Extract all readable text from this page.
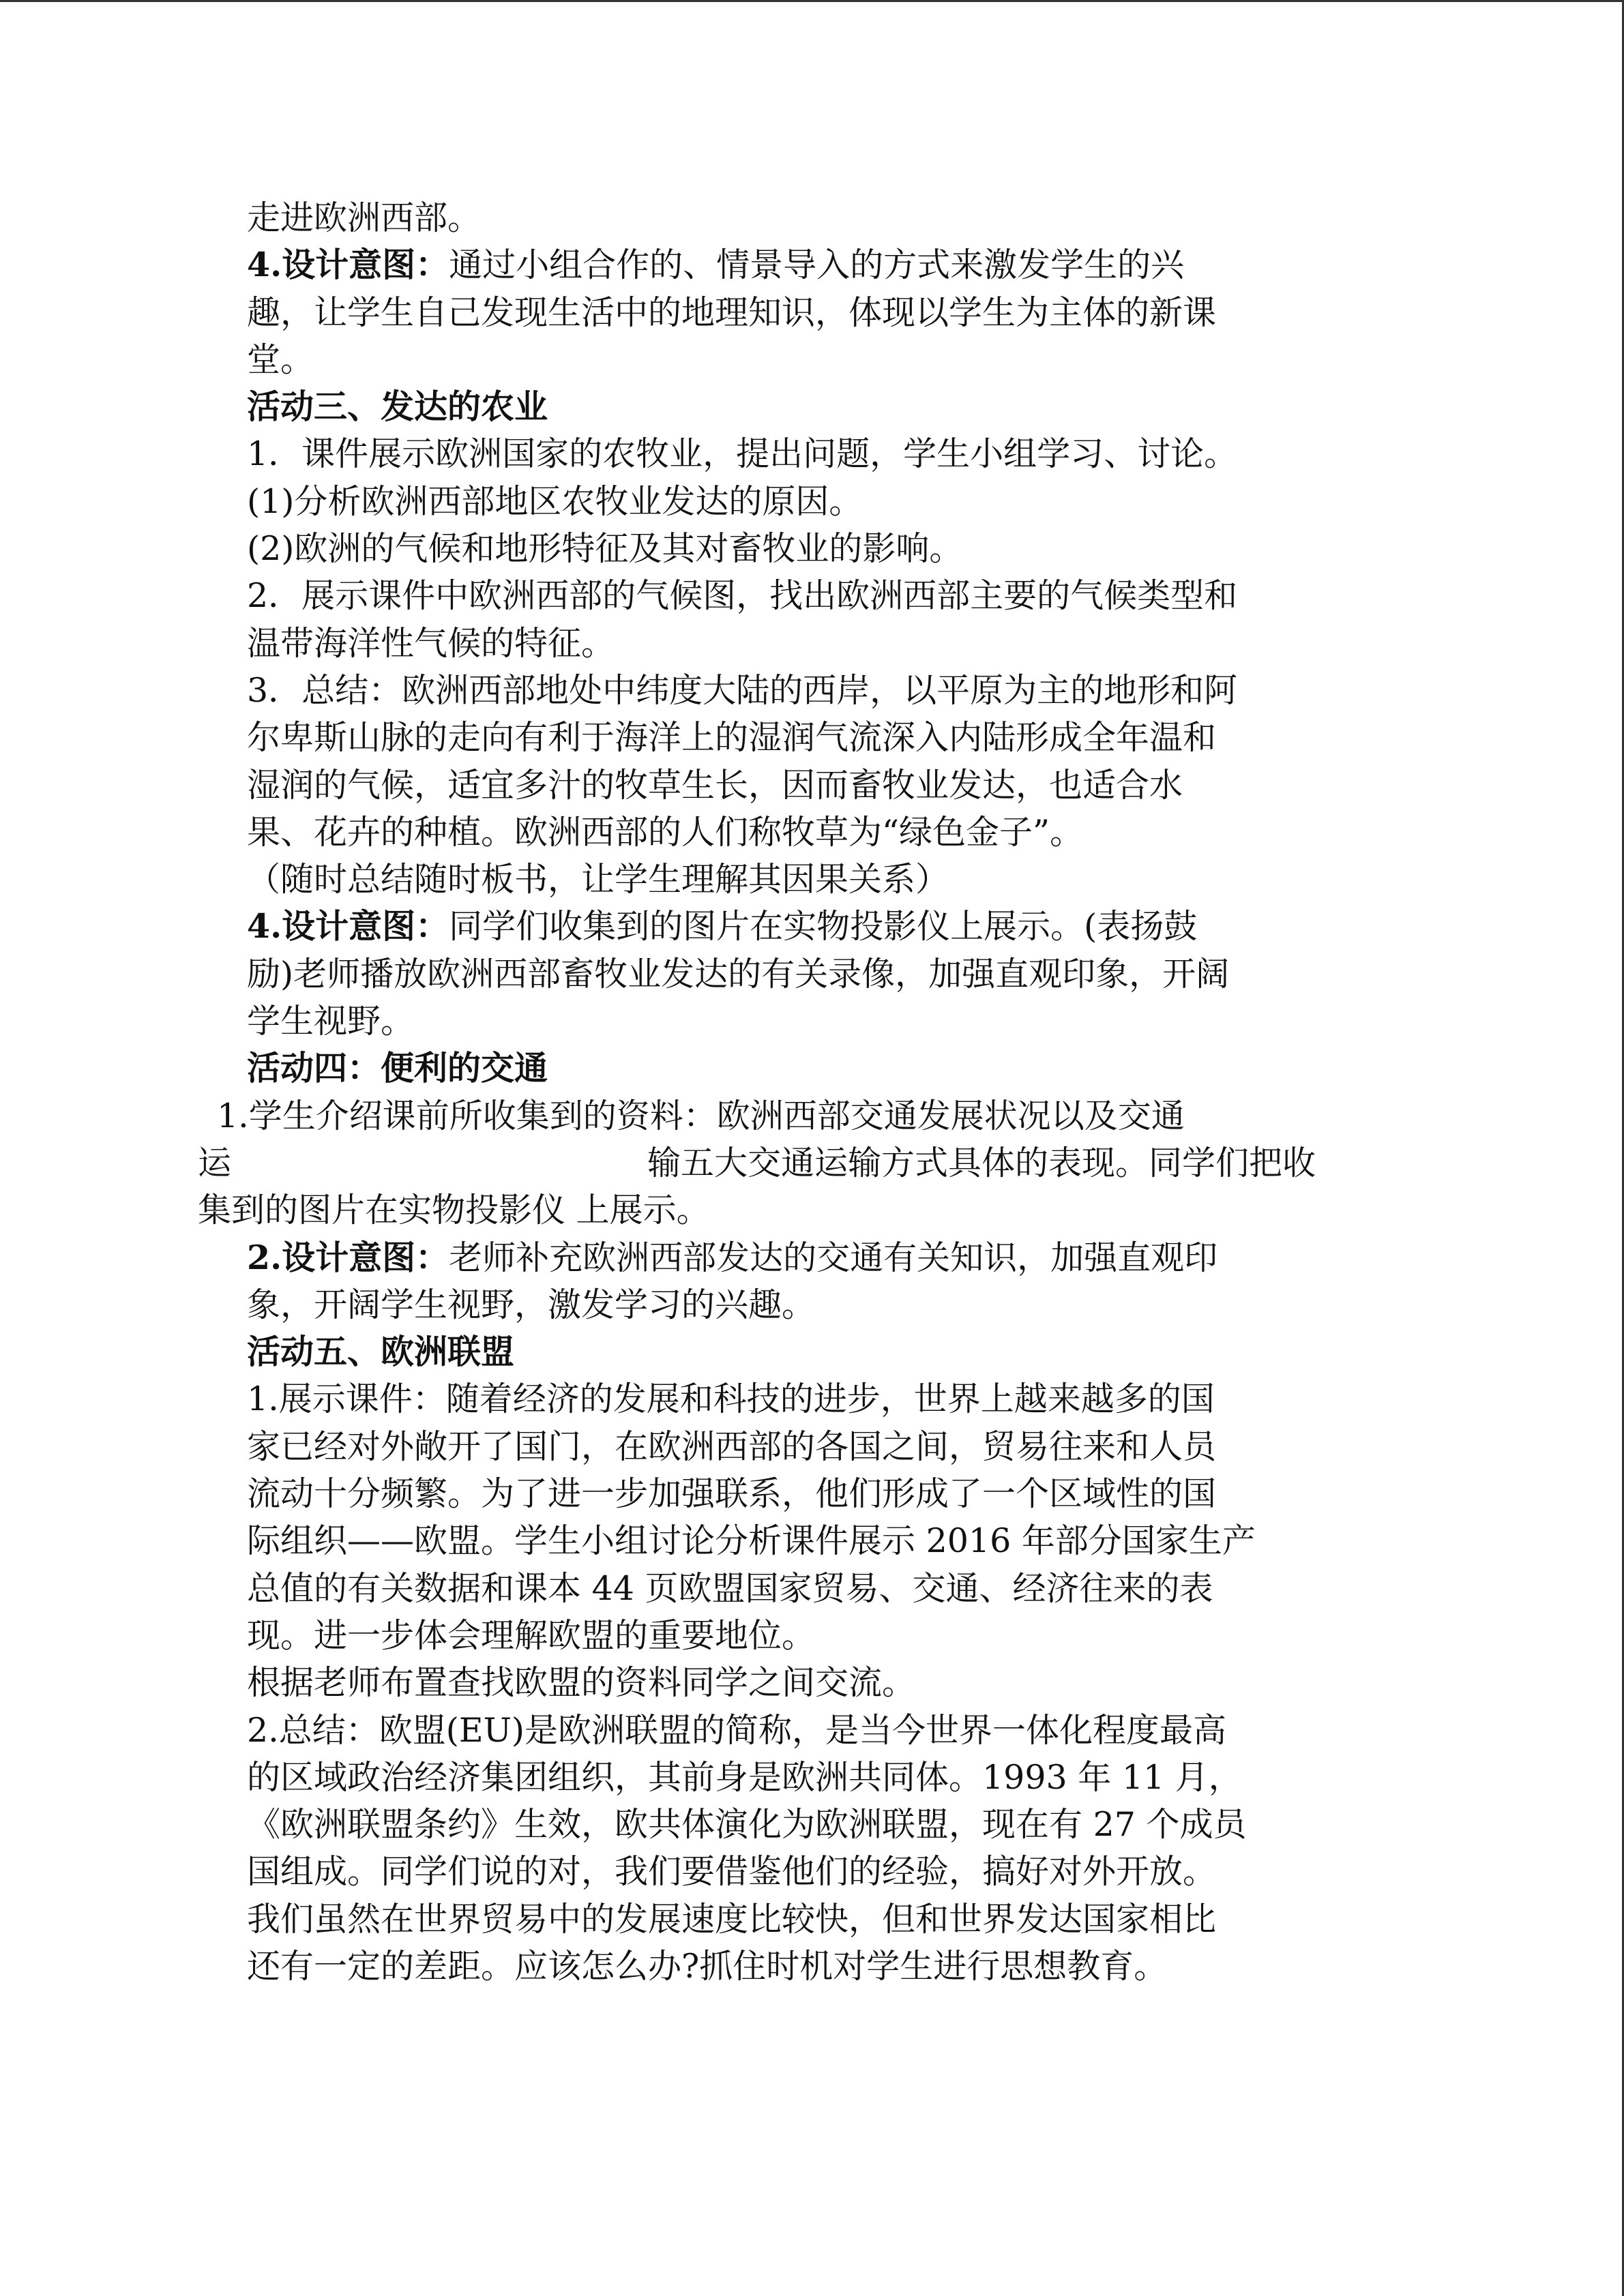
走进欧洲西部。
4.设计意图：通过小组合作的、情景导入的方式来激发学生的兴
趣，让学生自己发现生活中的地理知识，体现以学生为主体的新课
堂。
活动三、发达的农业
1．课件展示欧洲国家的农牧业，提出问题，学生小组学习、讨论。
(1)分析欧洲西部地区农牧业发达的原因。
(2)欧洲的气候和地形特征及其对畜牧业的影响。
2．展示课件中欧洲西部的气候图，找出欧洲西部主要的气候类型和
温带海洋性气候的特征。
3．总结：欧洲西部地处中纬度大陆的西岸，以平原为主的地形和阿
尔卑斯山脉的走向有利于海洋上的湿润气流深入内陆形成全年温和
湿润的气候，适宜多汁的牧草生长，因而畜牧业发达，也适合水
果、花卉的种植。欧洲西部的人们称牧草为“绿色金子”。
（随时总结随时板书，让学生理解其因果关系）
4.设计意图：同学们收集到的图片在实物投影仪上展示。(表扬鼓
励)老师播放欧洲西部畜牧业发达的有关录像，加强直观印象，开阔
学生视野。
活动四：便利的交通
1.学生介绍课前所收集到的资料：欧洲西部交通发展状况以及交通
运	输五大交通运输方式具体的表现。同学们把收
集到的图片在实物投影仪 上展示。
2.设计意图：老师补充欧洲西部发达的交通有关知识，加强直观印
象，开阔学生视野，激发学习的兴趣。
活动五、欧洲联盟
1.展示课件：随着经济的发展和科技的进步，世界上越来越多的国
家已经对外敞开了国门，在欧洲西部的各国之间，贸易往来和人员
流动十分频繁。为了进一步加强联系，他们形成了一个区域性的国
际组织——欧盟。学生小组讨论分析课件展示 2016 年部分国家生产
总值的有关数据和课本 44 页欧盟国家贸易、交通、经济往来的表
现。进一步体会理解欧盟的重要地位。
根据老师布置查找欧盟的资料同学之间交流。
2.总结：欧盟(EU)是欧洲联盟的简称，是当今世界一体化程度最高
的区域政治经济集团组织，其前身是欧洲共同体。1993 年 11 月，
《欧洲联盟条约》生效，欧共体演化为欧洲联盟，现在有 27 个成员
国组成。同学们说的对，我们要借鉴他们的经验，搞好对外开放。
我们虽然在世界贸易中的发展速度比较快，但和世界发达国家相比
还有一定的差距。应该怎么办?抓住时机对学生进行思想教育。
